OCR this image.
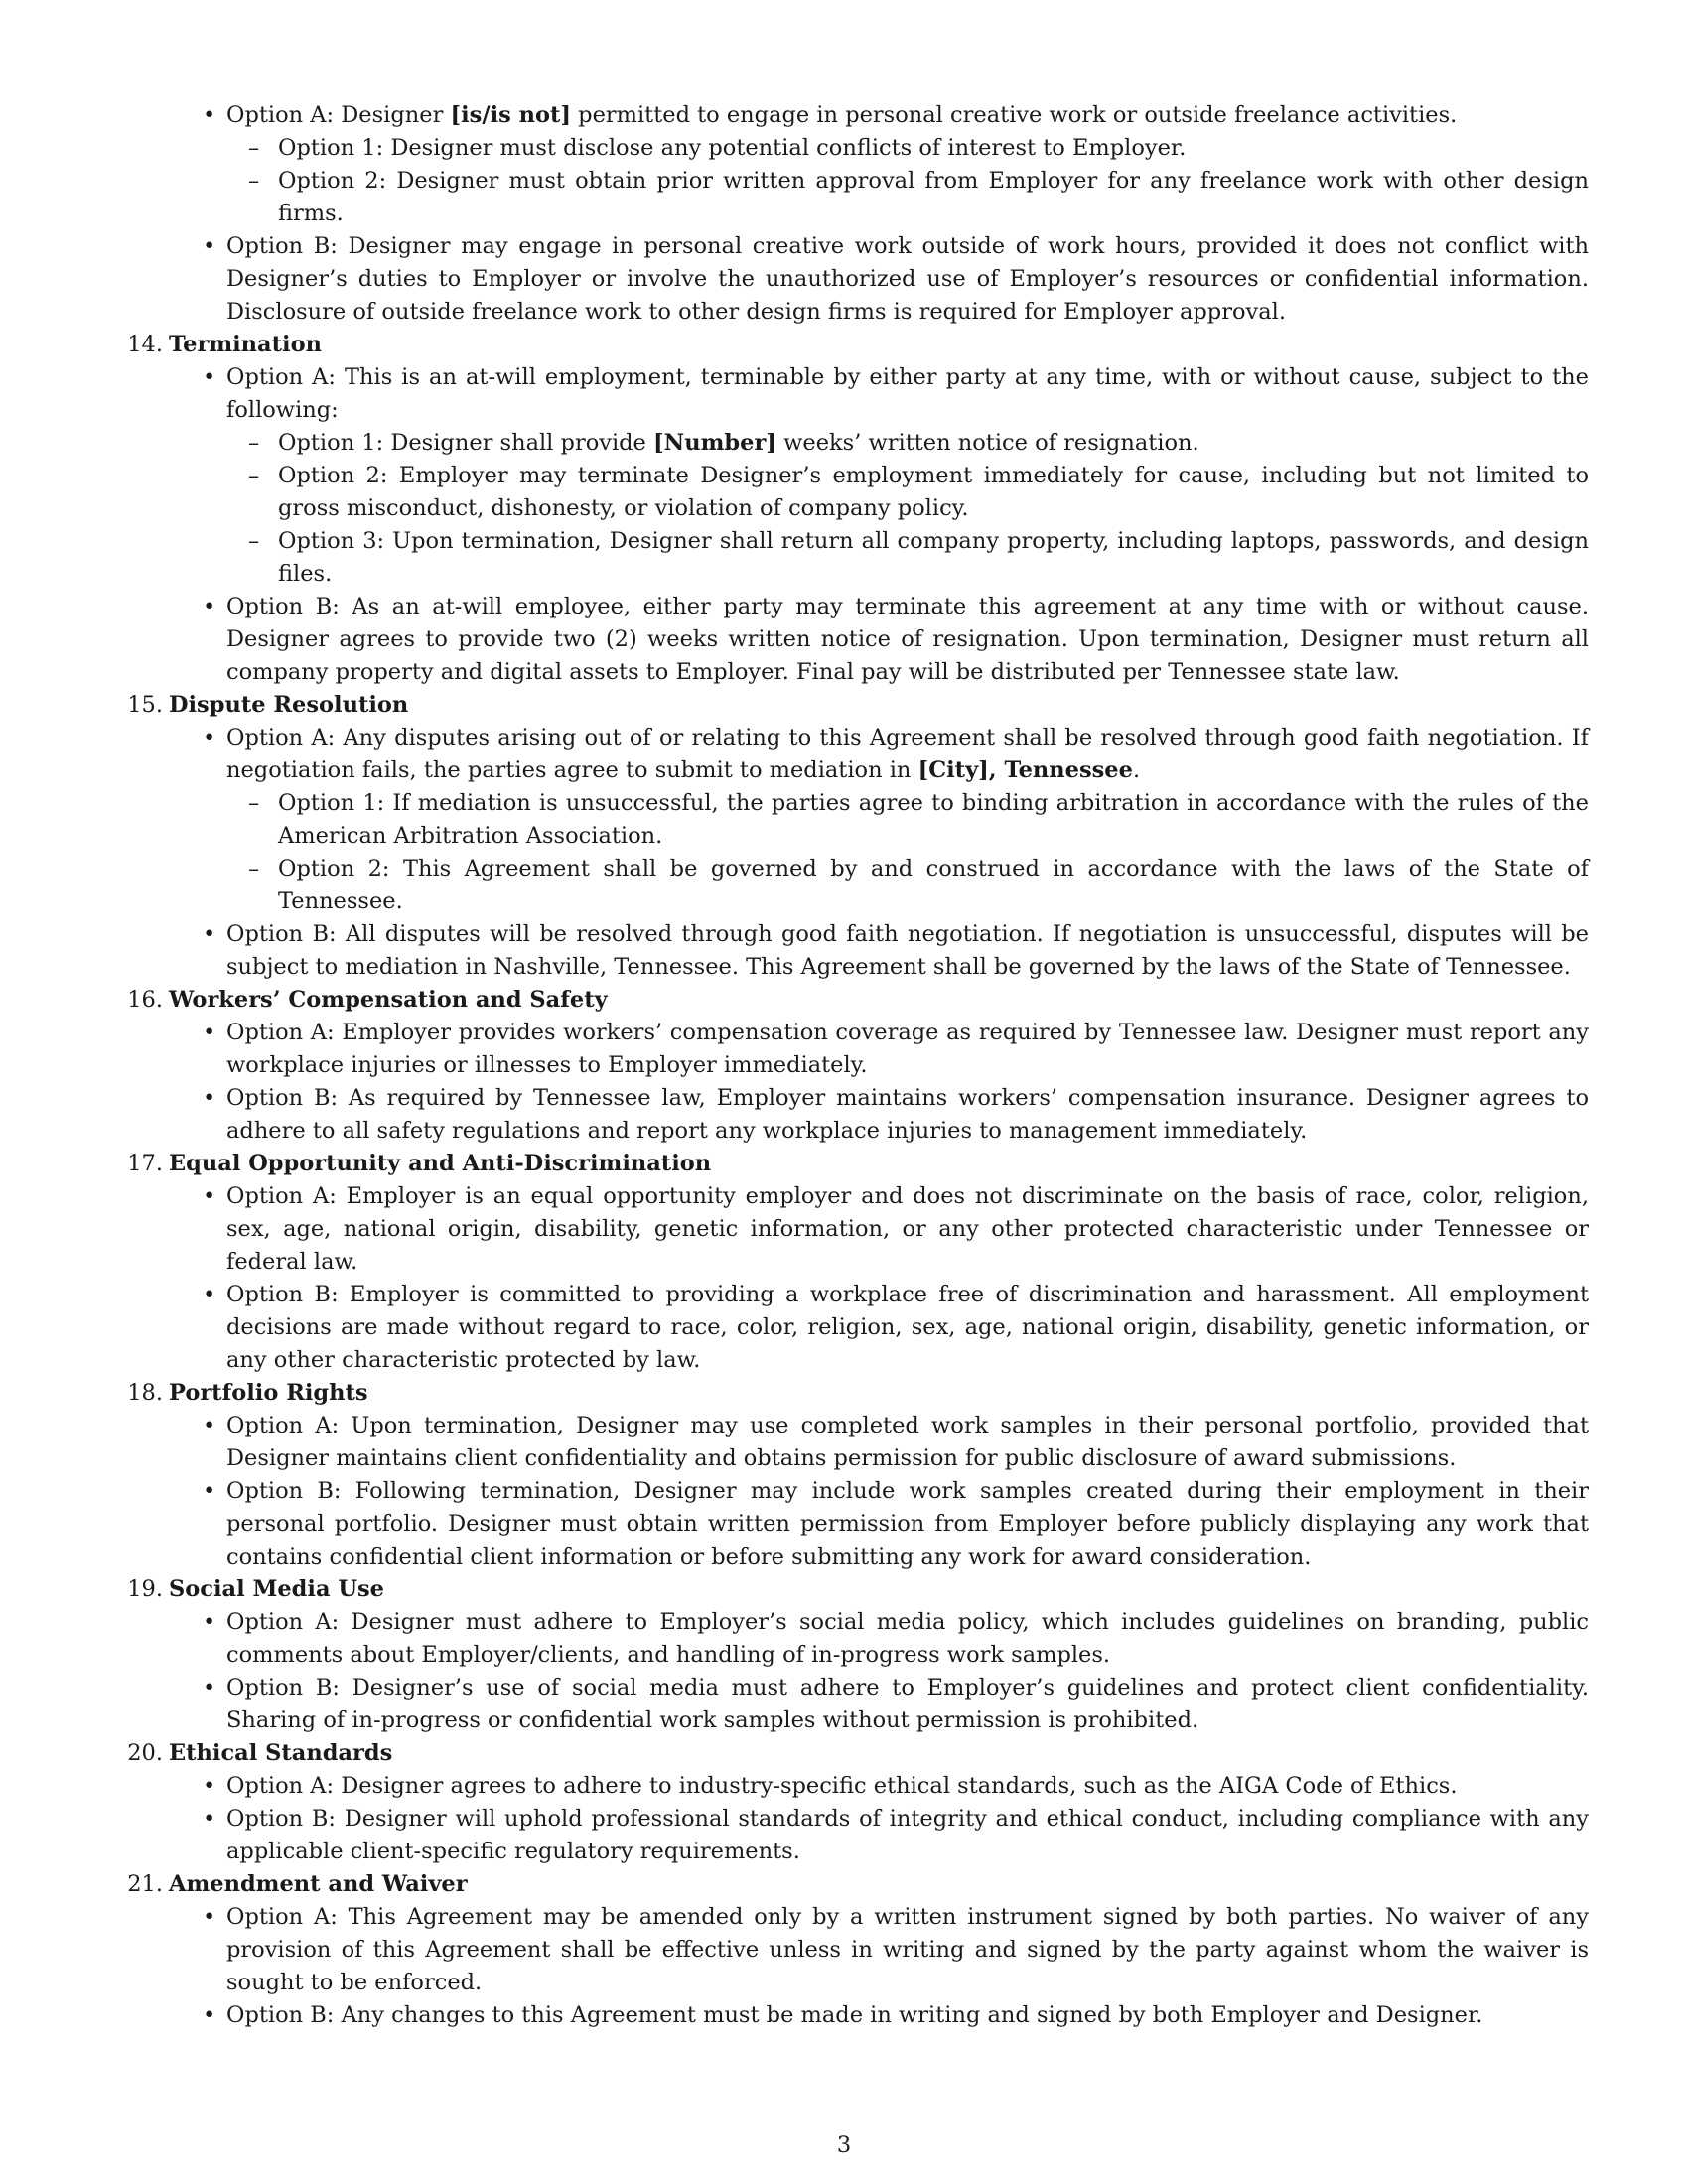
• Option A: Designer [is/is not] permitted to engage in personal creative work or outside freelance activities.
– Option 1: Designer must disclose any potential conflicts of interest to Employer.
– Option 2: Designer must obtain prior written approval from Employer for any freelance work with other design firms.
• Option B: Designer may engage in personal creative work outside of work hours, provided it does not conflict with Designer’s duties to Employer or involve the unauthorized use of Employer’s resources or confidential information. Disclosure of outside freelance work to other design firms is required for Employer approval.
14. Termination
• Option A: This is an at-will employment, terminable by either party at any time, with or without cause, subject to the following:
– Option 1: Designer shall provide [Number] weeks’ written notice of resignation.
– Option 2: Employer may terminate Designer’s employment immediately for cause, including but not limited to gross misconduct, dishonesty, or violation of company policy.
– Option 3: Upon termination, Designer shall return all company property, including laptops, passwords, and design files.
• Option B: As an at-will employee, either party may terminate this agreement at any time with or without cause. Designer agrees to provide two (2) weeks written notice of resignation. Upon termination, Designer must return all company property and digital assets to Employer. Final pay will be distributed per Tennessee state law.
15. Dispute Resolution
• Option A: Any disputes arising out of or relating to this Agreement shall be resolved through good faith negotiation. If negotiation fails, the parties agree to submit to mediation in [City], Tennessee.
– Option 1: If mediation is unsuccessful, the parties agree to binding arbitration in accordance with the rules of the American Arbitration Association.
– Option 2: This Agreement shall be governed by and construed in accordance with the laws of the State of Tennessee.
• Option B: All disputes will be resolved through good faith negotiation. If negotiation is unsuccessful, disputes will be subject to mediation in Nashville, Tennessee. This Agreement shall be governed by the laws of the State of Tennessee.
16. Workers’ Compensation and Safety
• Option A: Employer provides workers’ compensation coverage as required by Tennessee law. Designer must report any workplace injuries or illnesses to Employer immediately.
• Option B: As required by Tennessee law, Employer maintains workers’ compensation insurance. Designer agrees to adhere to all safety regulations and report any workplace injuries to management immediately.
17. Equal Opportunity and Anti-Discrimination
• Option A: Employer is an equal opportunity employer and does not discriminate on the basis of race, color, religion, sex, age, national origin, disability, genetic information, or any other protected characteristic under Tennessee or federal law.
• Option B: Employer is committed to providing a workplace free of discrimination and harassment. All employment decisions are made without regard to race, color, religion, sex, age, national origin, disability, genetic information, or any other characteristic protected by law.
18. Portfolio Rights
• Option A: Upon termination, Designer may use completed work samples in their personal portfolio, provided that Designer maintains client confidentiality and obtains permission for public disclosure of award submissions.
• Option B: Following termination, Designer may include work samples created during their employment in their personal portfolio. Designer must obtain written permission from Employer before publicly displaying any work that contains confidential client information or before submitting any work for award consideration.
19. Social Media Use
• Option A: Designer must adhere to Employer’s social media policy, which includes guidelines on branding, public comments about Employer/clients, and handling of in-progress work samples.
• Option B: Designer’s use of social media must adhere to Employer’s guidelines and protect client confidentiality. Sharing of in-progress or confidential work samples without permission is prohibited.
20. Ethical Standards
• Option A: Designer agrees to adhere to industry-specific ethical standards, such as the AIGA Code of Ethics.
• Option B: Designer will uphold professional standards of integrity and ethical conduct, including compliance with any applicable client-specific regulatory requirements.
21. Amendment and Waiver
• Option A: This Agreement may be amended only by a written instrument signed by both parties. No waiver of any provision of this Agreement shall be effective unless in writing and signed by the party against whom the waiver is sought to be enforced.
• Option B: Any changes to this Agreement must be made in writing and signed by both Employer and Designer.
3
